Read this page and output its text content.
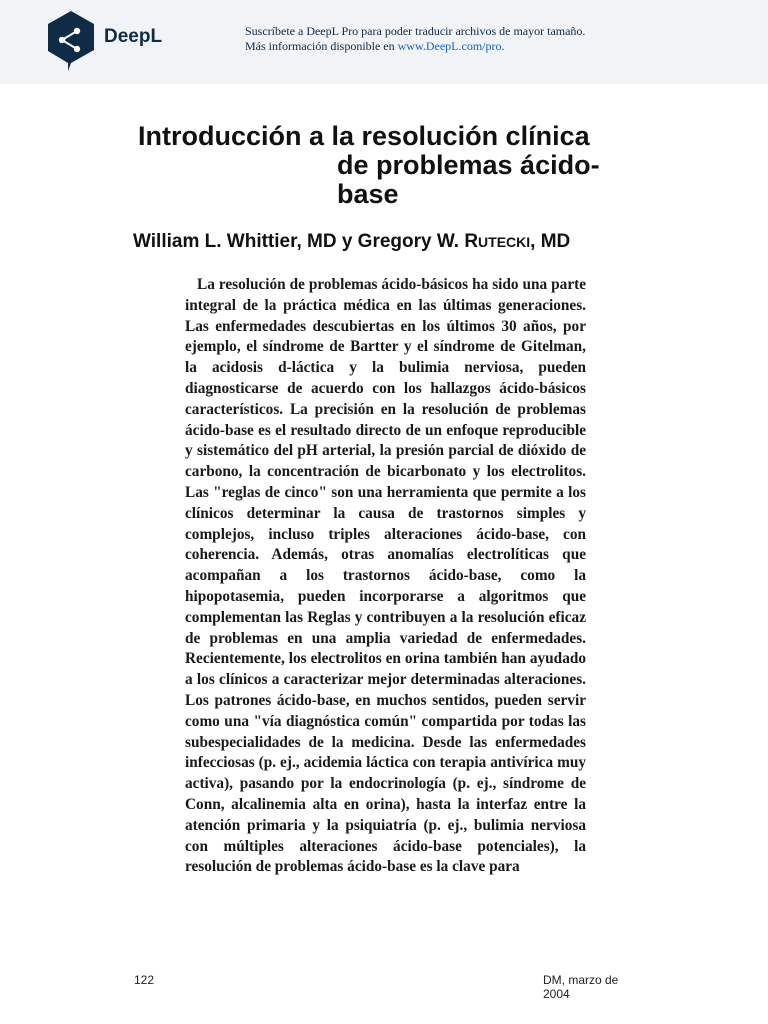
DeepL	Suscríbete a DeepL Pro para poder traducir archivos de mayor tamaño.
Más información disponible en www.DeepL.com/pro.
Introducción a la resolución clínica
de problemas ácido-
base
William L. Whittier, MD y Gregory W. RUTECKI, MD

La resolución de problemas ácido-básicos ha sido una parte integral de la práctica médica en las últimas generaciones. Las enfermedades descubiertas en los últimos 30 años, por ejemplo, el síndrome de Bartter y el síndrome de Gitelman, la acidosis d-láctica y la bulimia nerviosa, pueden diagnosticarse de acuerdo con los hallazgos ácido-básicos característicos. La precisión en la resolución de problemas ácido-base es el resultado directo de un enfoque reproducible y sistemático del pH arterial, la presión parcial de dióxido de carbono, la concentración de bicarbonato y los electrolitos. Las "reglas de cinco" son una herramienta que permite a los clínicos determinar la causa de trastornos simples y complejos, incluso triples alteraciones ácido-base, con coherencia. Además, otras anomalías electrolíticas que acompañan a los trastornos ácido-base, como la hipopotasemia, pueden incorporarse a algoritmos que complementan las Reglas y contribuyen a la resolución eficaz de problemas en una amplia variedad de enfermedades. Recientemente, los electrolitos en orina también han ayudado a los clínicos a caracterizar mejor determinadas alteraciones. Los patrones ácido-base, en muchos sentidos, pueden servir como una "vía diagnóstica común" compartida por todas las subespecialidades de la medicina. Desde las enfermedades infecciosas (p. ej., acidemia láctica con terapia antivírica muy activa), pasando por la endocrinología (p. ej., síndrome de Conn, alcalinemia alta en orina), hasta la interfaz entre la atención primaria y la psiquiatría (p. ej., bulimia nerviosa con múltiples alteraciones ácido-base potenciales), la resolución de problemas ácido-base es la clave para

122	DM, marzo de 2004
